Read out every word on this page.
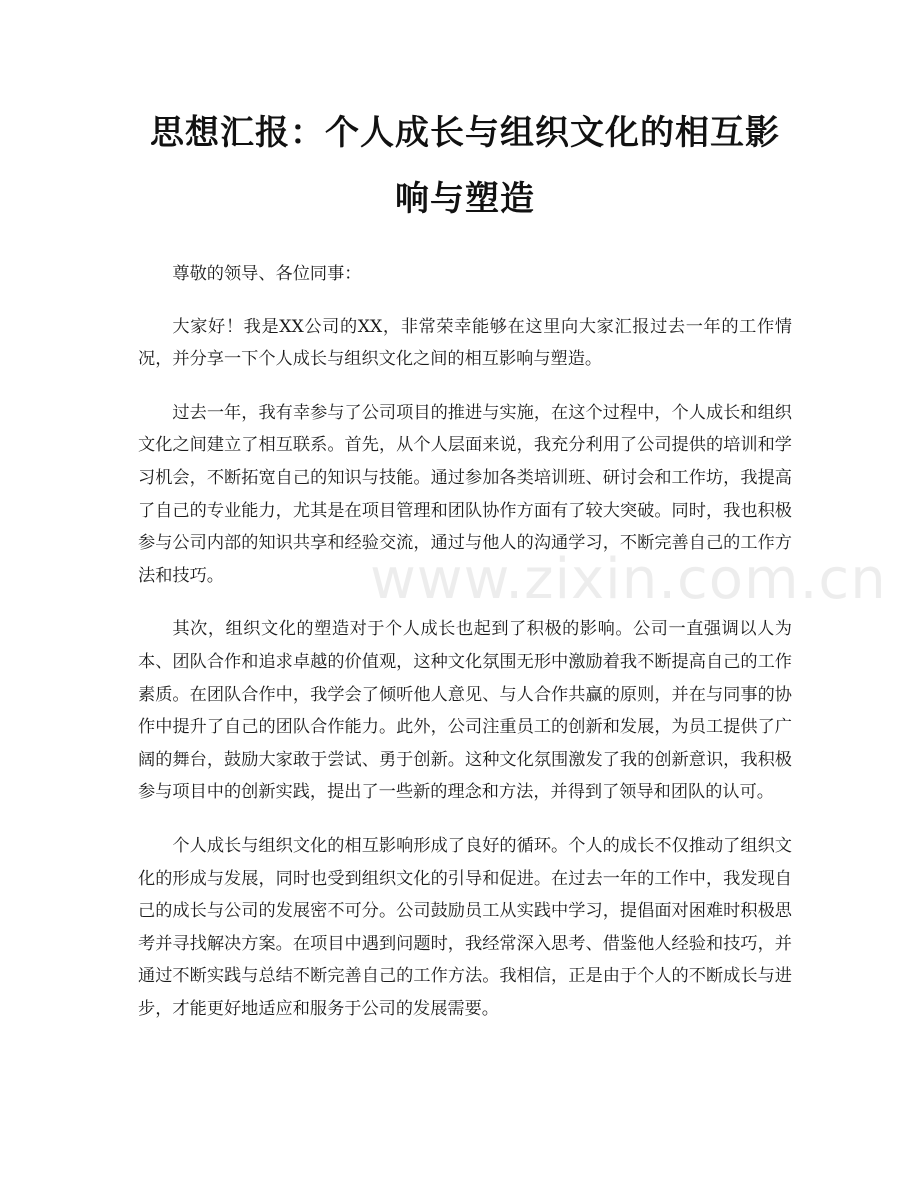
思想汇报：个人成长与组织文化的相互影响与塑造

尊敬的领导、各位同事：

大家好！我是XX公司的XX，非常荣幸能够在这里向大家汇报过去一年的工作情况，并分享一下个人成长与组织文化之间的相互影响与塑造。

过去一年，我有幸参与了公司项目的推进与实施，在这个过程中，个人成长和组织文化之间建立了相互联系。首先，从个人层面来说，我充分利用了公司提供的培训和学习机会，不断拓宽自己的知识与技能。通过参加各类培训班、研讨会和工作坊，我提高了自己的专业能力，尤其是在项目管理和团队协作方面有了较大突破。同时，我也积极参与公司内部的知识共享和经验交流，通过与他人的沟通学习，不断完善自己的工作方法和技巧。

其次，组织文化的塑造对于个人成长也起到了积极的影响。公司一直强调以人为本、团队合作和追求卓越的价值观，这种文化氛围无形中激励着我不断提高自己的工作素质。在团队合作中，我学会了倾听他人意见、与人合作共赢的原则，并在与同事的协作中提升了自己的团队合作能力。此外，公司注重员工的创新和发展，为员工提供了广阔的舞台，鼓励大家敢于尝试、勇于创新。这种文化氛围激发了我的创新意识，我积极参与项目中的创新实践，提出了一些新的理念和方法，并得到了领导和团队的认可。

个人成长与组织文化的相互影响形成了良好的循环。个人的成长不仅推动了组织文化的形成与发展，同时也受到组织文化的引导和促进。在过去一年的工作中，我发现自己的成长与公司的发展密不可分。公司鼓励员工从实践中学习，提倡面对困难时积极思考并寻找解决方案。在项目中遇到问题时，我经常深入思考、借鉴他人经验和技巧，并通过不断实践与总结不断完善自己的工作方法。我相信，正是由于个人的不断成长与进步，才能更好地适应和服务于公司的发展需要。

www.zixin.com.cn
